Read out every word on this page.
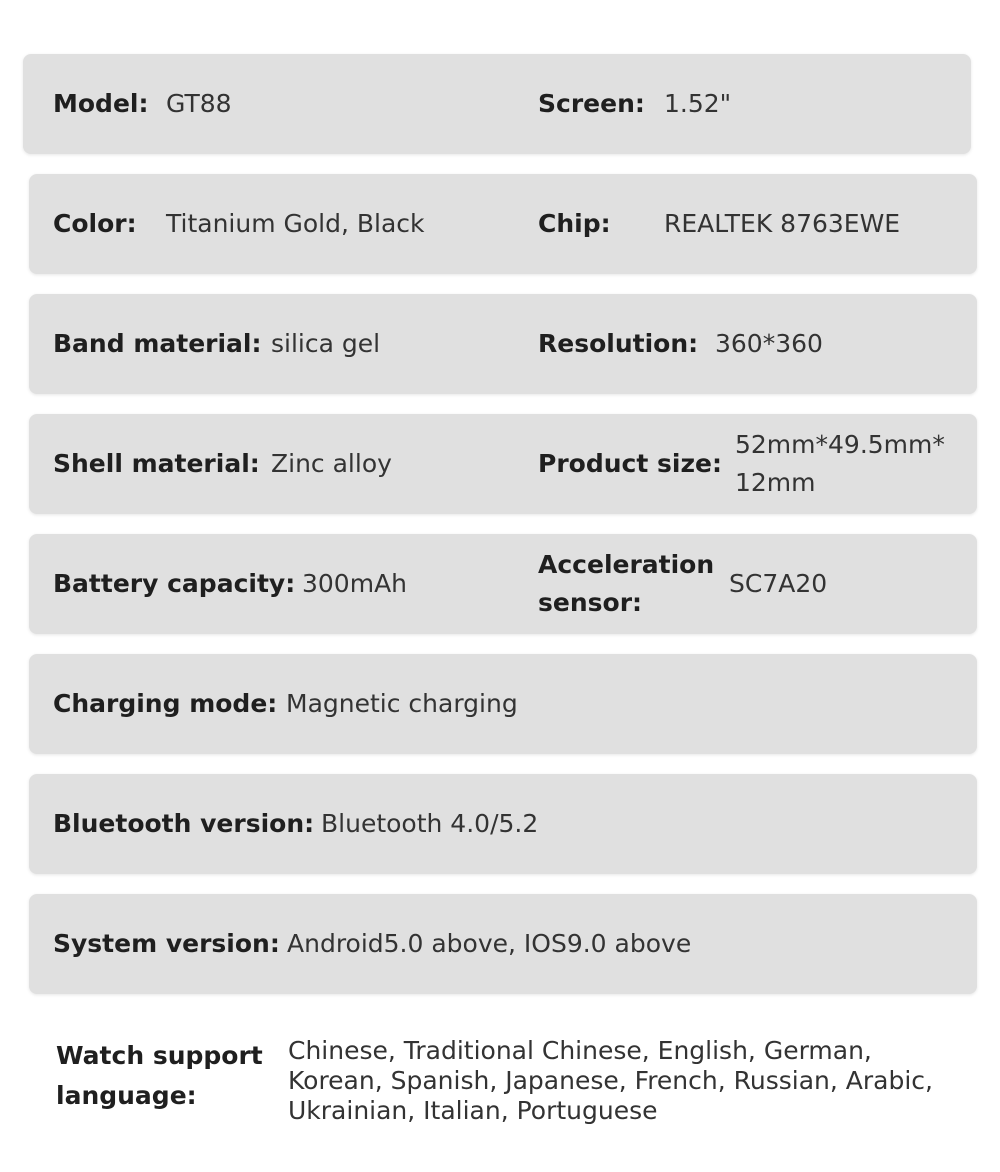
Model: GT88	Screen: 1.52"
Color: Titanium Gold, Black	Chip: REALTEK 8763EWE
Band material: silica gel	Resolution: 360*360
Shell material: Zinc alloy	Product size:
52mm*49.5mm* 12mm
Battery capacity: 300mAh
Acceleration sensor:
SC7A20
Charging mode: Magnetic charging
Bluetooth version: Bluetooth 4.0/5.2
System version: Android5.0 above, IOS9.0 above
Watch support language:
Chinese, Traditional Chinese, English, German, Korean, Spanish, Japanese, French, Russian, Arabic, Ukrainian, Italian, Portuguese
